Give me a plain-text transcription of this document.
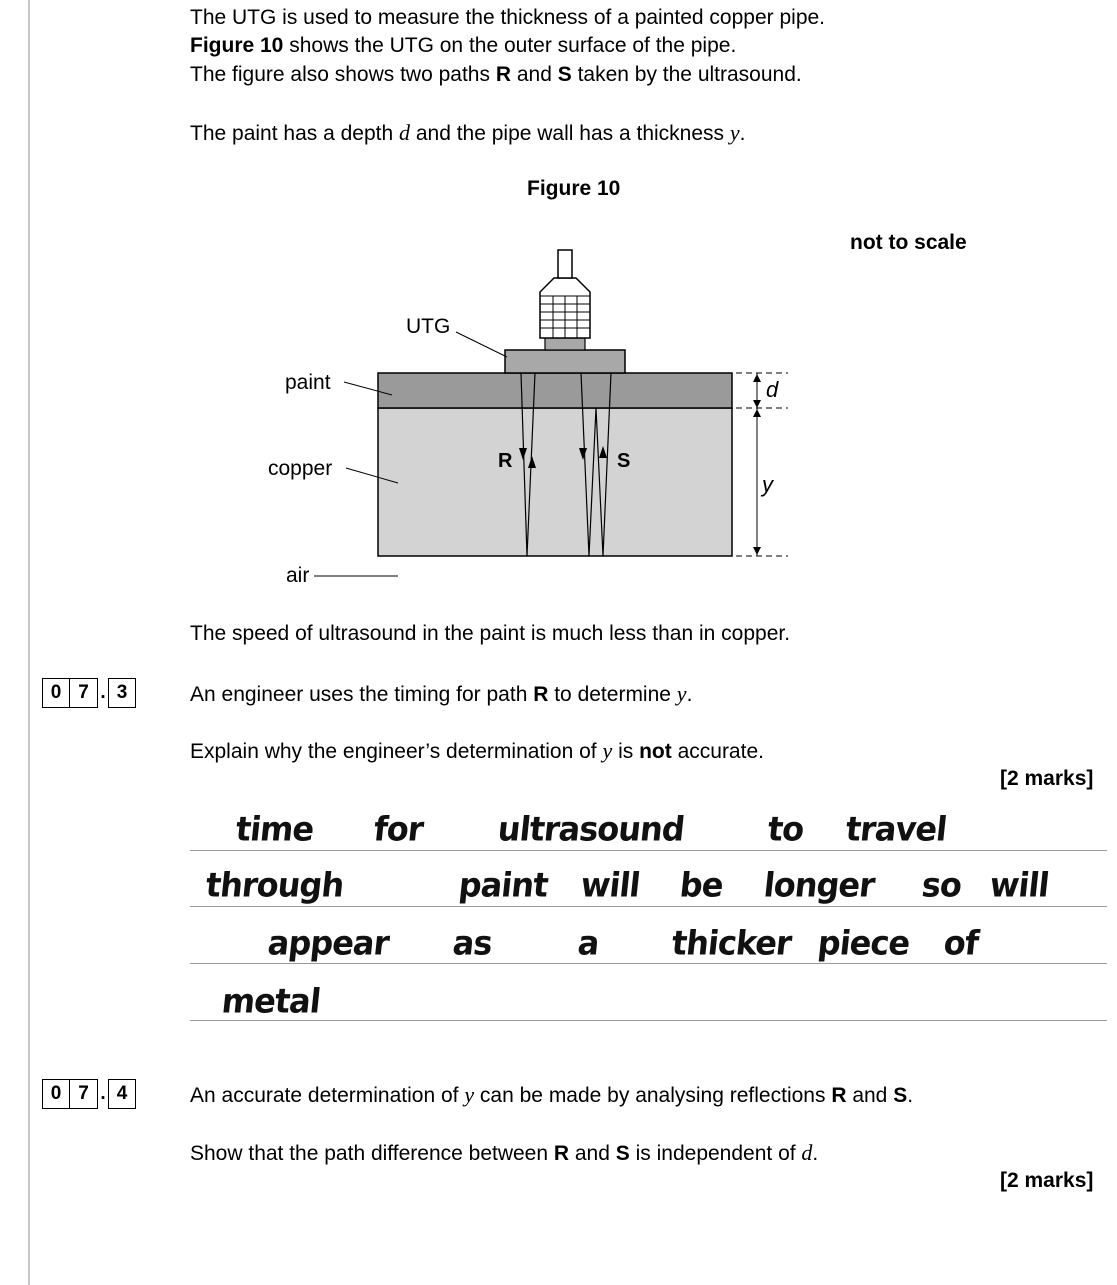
The UTG is used to measure the thickness of a painted copper pipe.
Figure 10 shows the UTG on the outer surface of the pipe.
The figure also shows two paths R and S taken by the ultrasound.
The paint has a depth d and the pipe wall has a thickness y.
Figure 10
not to scale
R	S
UTG
paint
copper
air
d
y
The speed of ultrasound in the paint is much less than in copper.
0 7 . 3	An engineer uses the timing for path R to determine y.
Explain why the engineer’s determination of y is not accurate.
[2 marks]
time for ultrasound to travel
through	paint will be longer so will
appear as	a thicker piece of
metal
0 7 . 4	An accurate determination of y can be made by analysing reflections R and S.
Show that the path difference between R and S is independent of d.
[2 marks]
